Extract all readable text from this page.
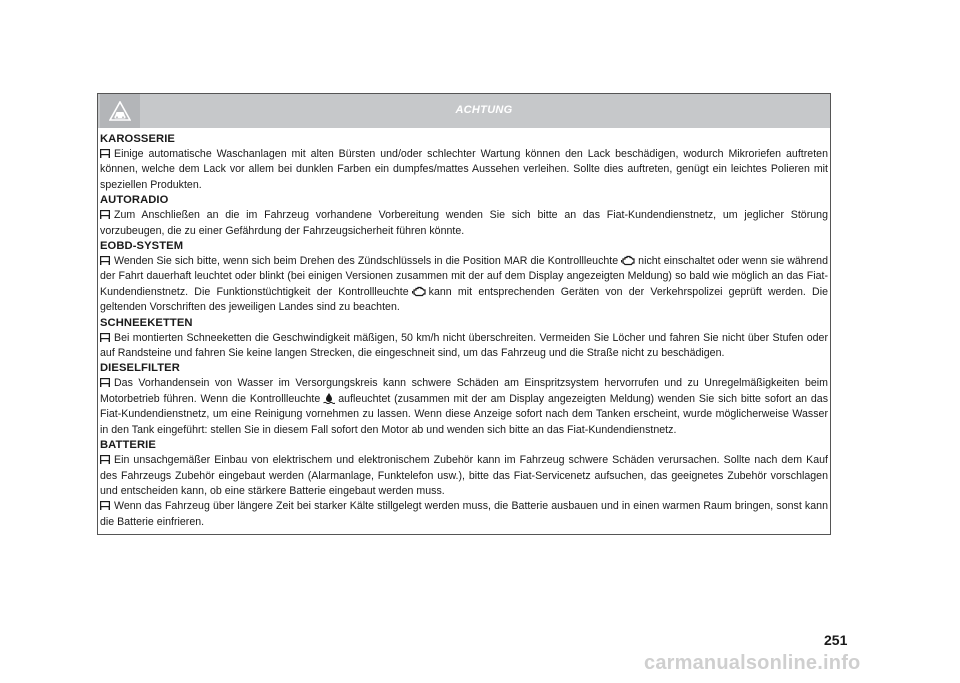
ACHTUNG
KAROSSERIE
Einige automatische Waschanlagen mit alten Bürsten und/oder schlechter Wartung können den Lack beschädigen, wodurch Mikroriefen auftreten können, welche dem Lack vor allem bei dunklen Farben ein dumpfes/mattes Aussehen verleihen. Sollte dies auftreten, genügt ein leichtes Polieren mit speziellen Produkten.
AUTORADIO
Zum Anschließen an die im Fahrzeug vorhandene Vorbereitung wenden Sie sich bitte an das Fiat-Kundendienstnetz, um jeglicher Störung vorzubeugen, die zu einer Gefährdung der Fahrzeugsicherheit führen könnte.
EOBD-SYSTEM
Wenden Sie sich bitte, wenn sich beim Drehen des Zündschlüssels in die Position MAR die Kontrollleuchte nicht einschaltet oder wenn sie während der Fahrt dauerhaft leuchtet oder blinkt (bei einigen Versionen zusammen mit der auf dem Display angezeigten Meldung) so bald wie möglich an das Fiat-Kundendienstnetz. Die Funktionstüchtigkeit der Kontrollleuchte kann mit entsprechenden Geräten von der Verkehrspolizei geprüft werden. Die geltenden Vorschriften des jeweiligen Landes sind zu beachten.
SCHNEEKETTEN
Bei montierten Schneeketten die Geschwindigkeit mäßigen, 50 km/h nicht überschreiten. Vermeiden Sie Löcher und fahren Sie nicht über Stufen oder auf Randsteine und fahren Sie keine langen Strecken, die eingeschneit sind, um das Fahrzeug und die Straße nicht zu beschädigen.
DIESELFILTER
Das Vorhandensein von Wasser im Versorgungskreis kann schwere Schäden am Einspritzsystem hervorrufen und zu Unregelmäßigkeiten beim Motorbetrieb führen. Wenn die Kontrollleuchte aufleuchtet (zusammen mit der am Display angezeigten Meldung) wenden Sie sich bitte sofort an das Fiat-Kundendienstnetz, um eine Reinigung vornehmen zu lassen. Wenn diese Anzeige sofort nach dem Tanken erscheint, wurde möglicherweise Wasser in den Tank eingeführt: stellen Sie in diesem Fall sofort den Motor ab und wenden sich bitte an das Fiat-Kundendienstnetz.
BATTERIE
Ein unsachgemäßer Einbau von elektrischem und elektronischem Zubehör kann im Fahrzeug schwere Schäden verursachen. Sollte nach dem Kauf des Fahrzeugs Zubehör eingebaut werden (Alarmanlage, Funktelefon usw.), bitte das Fiat-Servicenetz aufsuchen, das geeignetes Zubehör vorschlagen und entscheiden kann, ob eine stärkere Batterie eingebaut werden muss.
Wenn das Fahrzeug über längere Zeit bei starker Kälte stillgelegt werden muss, die Batterie ausbauen und in einen warmen Raum bringen, sonst kann die Batterie einfrieren.
251
carmanualsonline.info
